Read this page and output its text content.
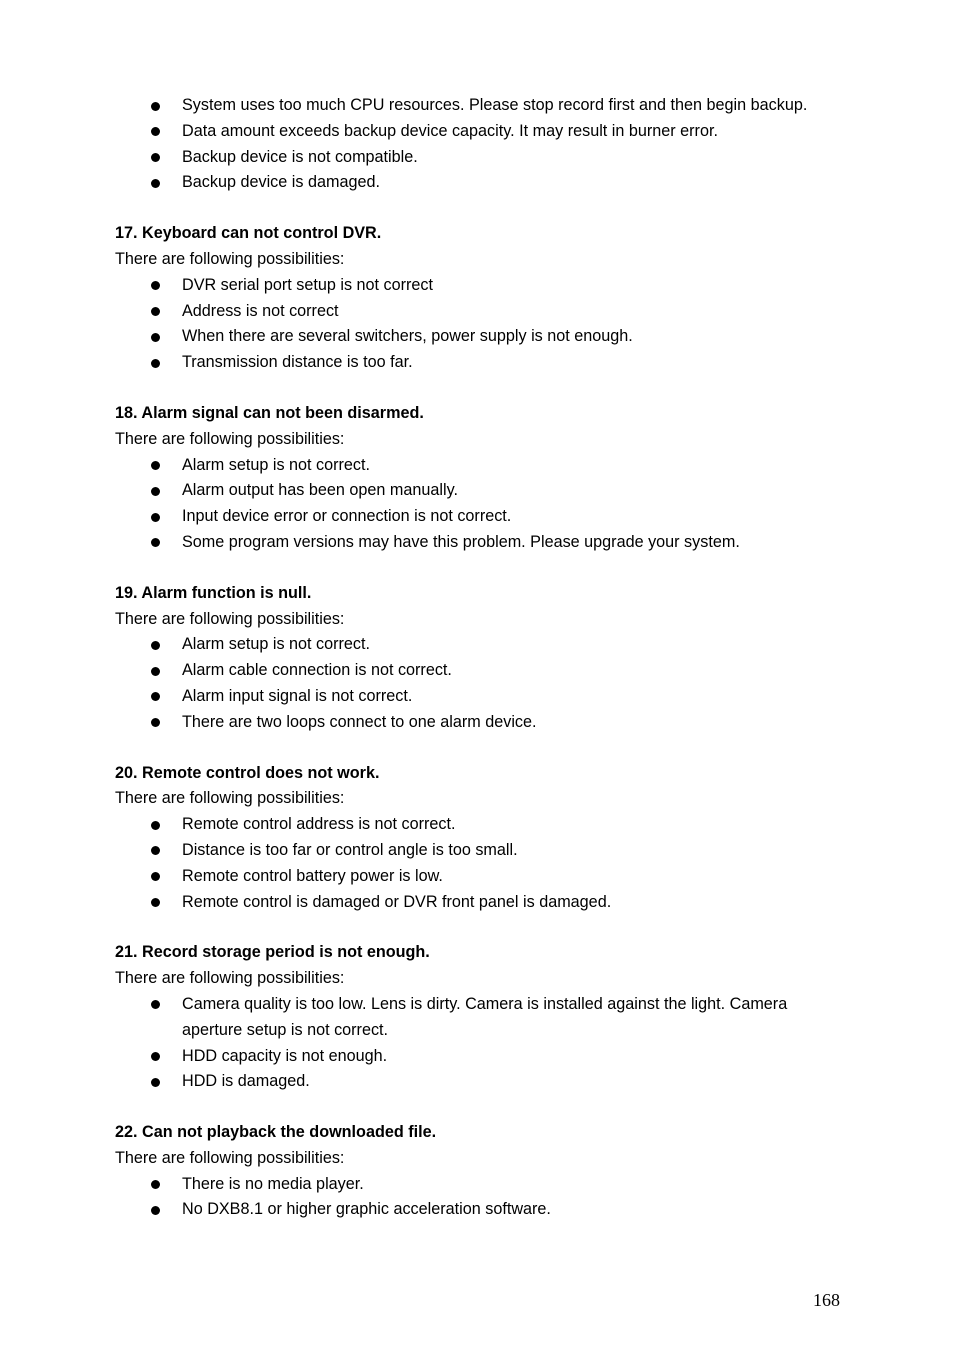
System uses too much CPU resources. Please stop record first and then begin backup.
Data amount exceeds backup device capacity. It may result in burner error.
Backup device is not compatible.
Backup device is damaged.
17. Keyboard can not control DVR.
There are following possibilities:
DVR serial port setup is not correct
Address is not correct
When there are several switchers, power supply is not enough.
Transmission distance is too far.
18. Alarm signal can not been disarmed.
There are following possibilities:
Alarm setup is not correct.
Alarm output has been open manually.
Input device error or connection is not correct.
Some program versions may have this problem. Please upgrade your system.
19. Alarm function is null.
There are following possibilities:
Alarm setup is not correct.
Alarm cable connection is not correct.
Alarm input signal is not correct.
There are two loops connect to one alarm device.
20. Remote control does not work.
There are following possibilities:
Remote control address is not correct.
Distance is too far or control angle is too small.
Remote control battery power is low.
Remote control is damaged or DVR front panel is damaged.
21. Record storage period is not enough.
There are following possibilities:
Camera quality is too low. Lens is dirty. Camera is installed against the light. Camera aperture setup is not correct.
HDD capacity is not enough.
HDD is damaged.
22. Can not playback the downloaded file.
There are following possibilities:
There is no media player.
No DXB8.1 or higher graphic acceleration software.
168
